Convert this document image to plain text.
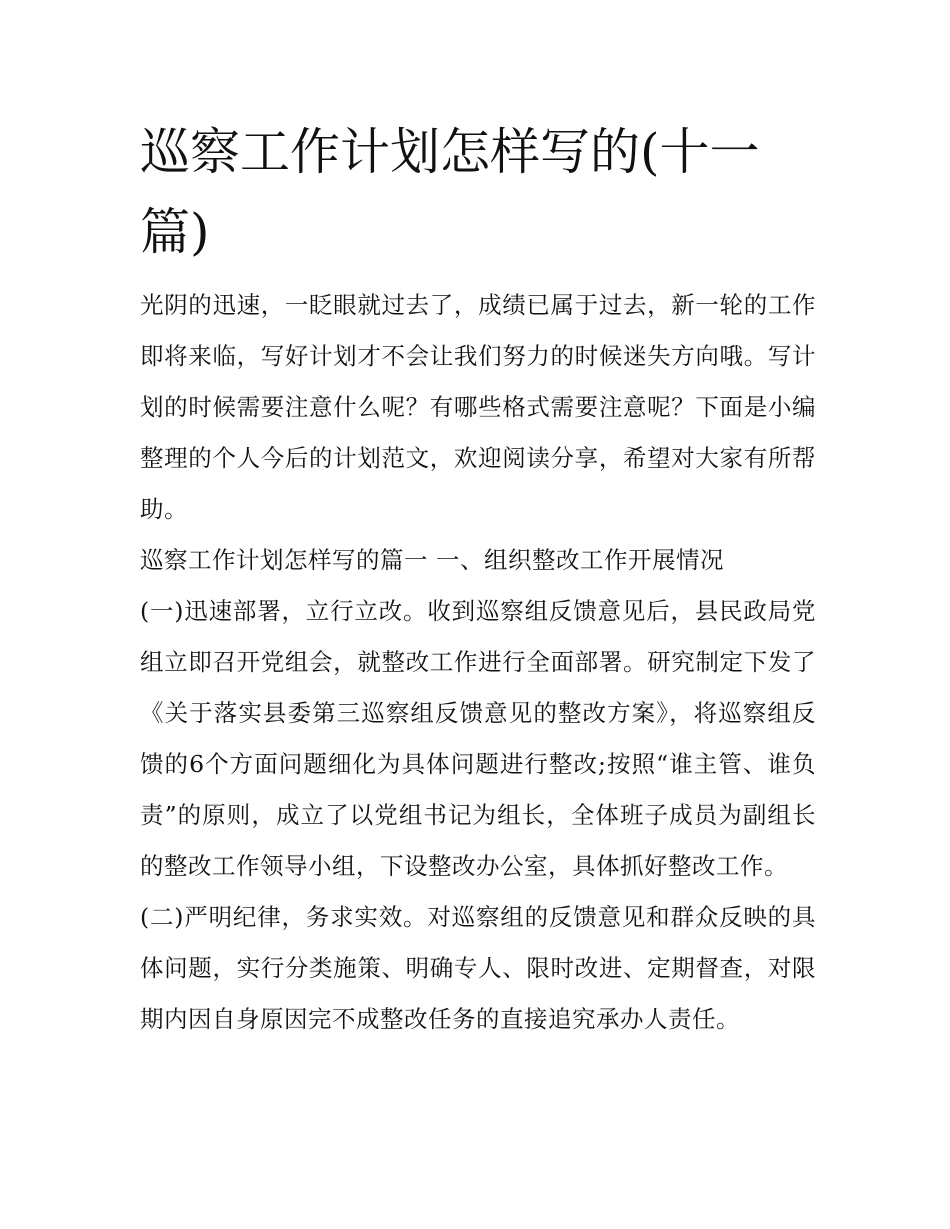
巡察工作计划怎样写的(十一篇)

光阴的迅速，一眨眼就过去了，成绩已属于过去，新一轮的工作即将来临，写好计划才不会让我们努力的时候迷失方向哦。写计划的时候需要注意什么呢？有哪些格式需要注意呢？下面是小编整理的个人今后的计划范文，欢迎阅读分享，希望对大家有所帮助。

巡察工作计划怎样写的篇一 一、组织整改工作开展情况

(一)迅速部署，立行立改。收到巡察组反馈意见后，县民政局党组立即召开党组会，就整改工作进行全面部署。研究制定下发了《关于落实县委第三巡察组反馈意见的整改方案》，将巡察组反馈的6个方面问题细化为具体问题进行整改;按照“谁主管、谁负责”的原则，成立了以党组书记为组长，全体班子成员为副组长的整改工作领导小组，下设整改办公室，具体抓好整改工作。

(二)严明纪律，务求实效。对巡察组的反馈意见和群众反映的具体问题，实行分类施策、明确专人、限时改进、定期督查，对限期内因自身原因完不成整改任务的直接追究承办人责任。
